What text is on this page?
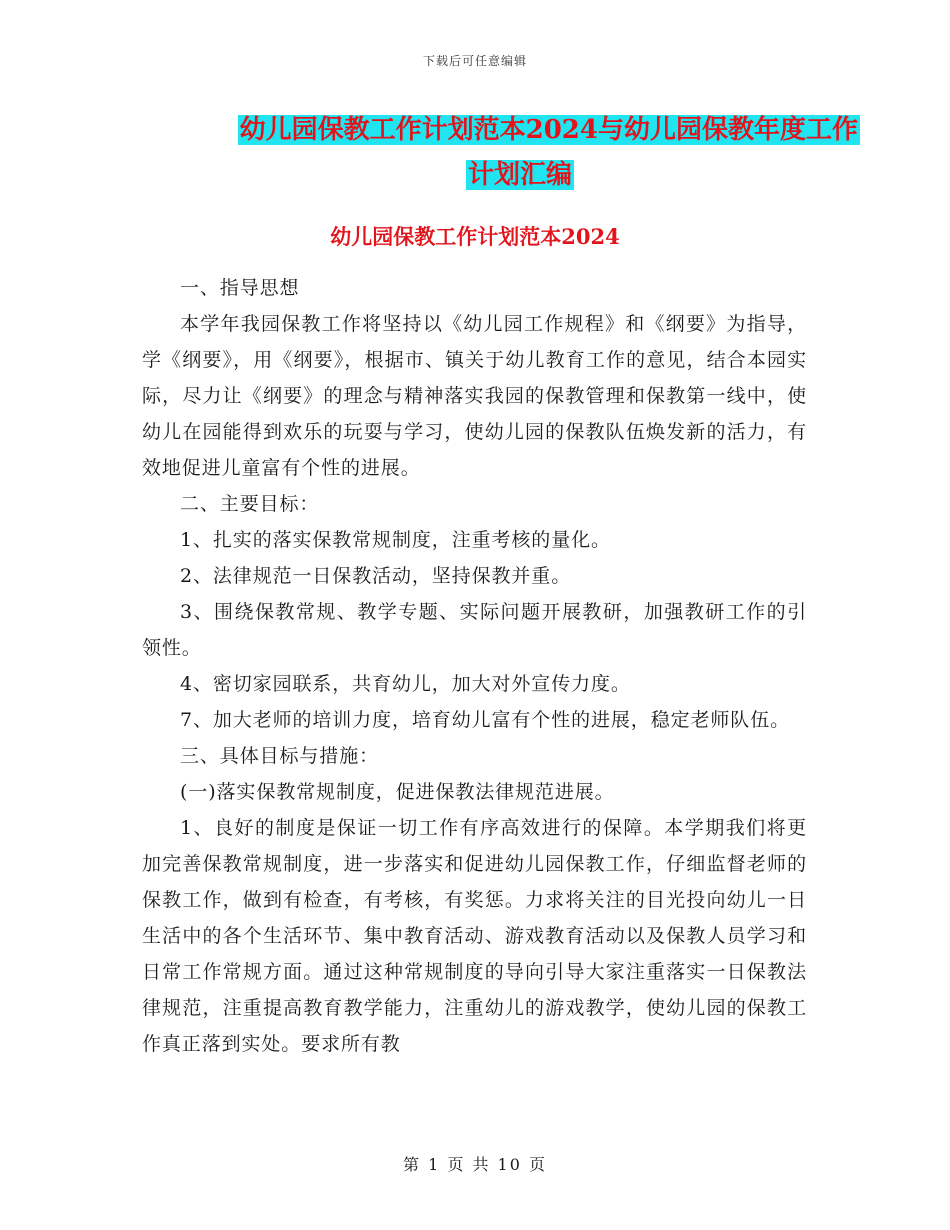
下载后可任意编辑
幼儿园保教工作计划范本2024与幼儿园保教年度工作
计划汇编
幼儿园保教工作计划范本2024

一、指导思想

本学年我园保教工作将坚持以《幼儿园工作规程》和《纲要》为指导，学《纲要》，用《纲要》，根据市、镇关于幼儿教育工作的意见，结合本园实际，尽力让《纲要》的理念与精神落实我园的保教管理和保教第一线中，使幼儿在园能得到欢乐的玩耍与学习，使幼儿园的保教队伍焕发新的活力，有效地促进儿童富有个性的进展。

二、主要目标：

1、扎实的落实保教常规制度，注重考核的量化。

2、法律规范一日保教活动，坚持保教并重。

3、围绕保教常规、教学专题、实际问题开展教研，加强教研工作的引领性。

4、密切家园联系，共育幼儿，加大对外宣传力度。

7、加大老师的培训力度，培育幼儿富有个性的进展，稳定老师队伍。

三、具体目标与措施：

(一)落实保教常规制度，促进保教法律规范进展。

1、良好的制度是保证一切工作有序高效进行的保障。本学期我们将更加完善保教常规制度，进一步落实和促进幼儿园保教工作，仔细监督老师的保教工作，做到有检查，有考核，有奖惩。力求将关注的目光投向幼儿一日生活中的各个生活环节、集中教育活动、游戏教育活动以及保教人员学习和日常工作常规方面。通过这种常规制度的导向引导大家注重落实一日保教法律规范，注重提高教育教学能力，注重幼儿的游戏教学，使幼儿园的保教工作真正落到实处。要求所有教

第 1 页 共 10 页
